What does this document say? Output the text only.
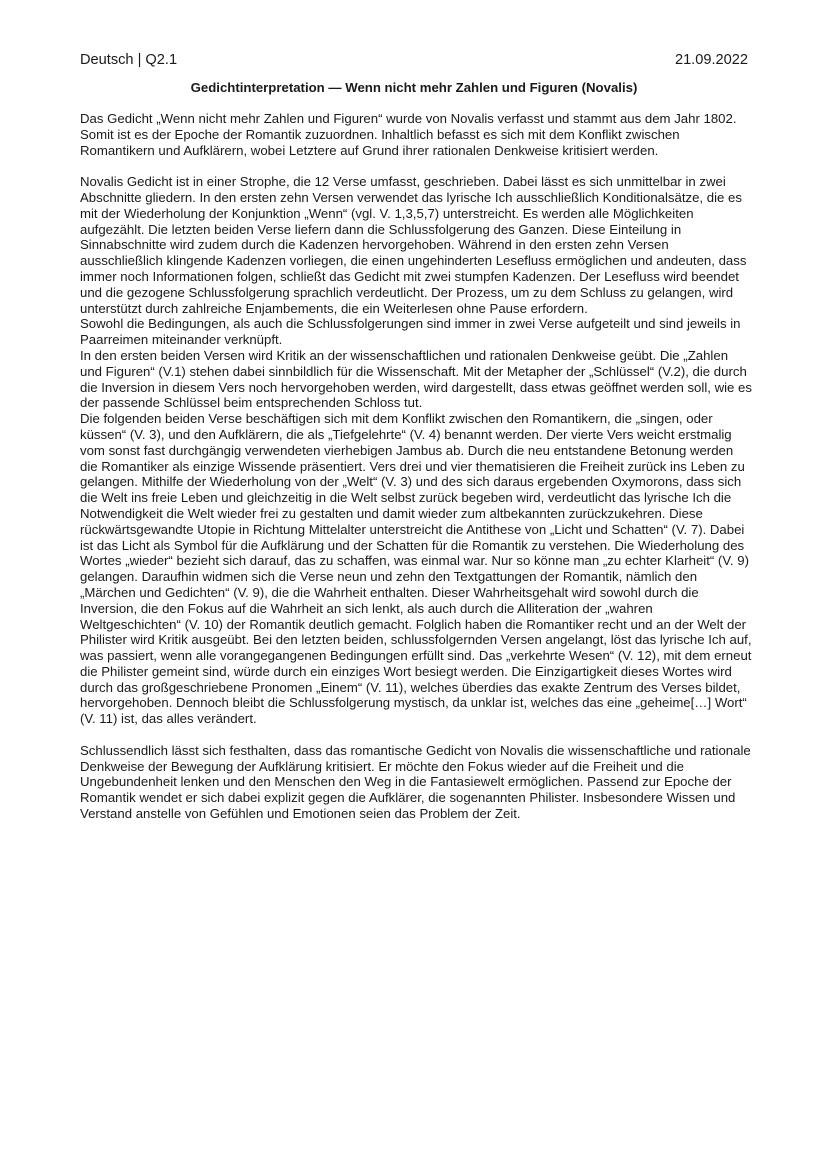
Deutsch | Q2.1	21.09.2022
Gedichtinterpretation — Wenn nicht mehr Zahlen und Figuren (Novalis)

Das Gedicht „Wenn nicht mehr Zahlen und Figuren“ wurde von Novalis verfasst und stammt aus dem Jahr 1802. Somit ist es der Epoche der Romantik zuzuordnen. Inhaltlich befasst es sich mit dem Konflikt zwischen Romantikern und Aufklärern, wobei Letztere auf Grund ihrer rationalen Denkweise kritisiert werden.

Novalis Gedicht ist in einer Strophe, die 12 Verse umfasst, geschrieben. Dabei lässt es sich unmittelbar in zwei Abschnitte gliedern. In den ersten zehn Versen verwendet das lyrische Ich ausschließlich Konditionalsätze, die es mit der Wiederholung der Konjunktion „Wenn“ (vgl. V. 1,3,5,7) unterstreicht. Es werden alle Möglichkeiten aufgezählt. Die letzten beiden Verse liefern dann die Schlussfolgerung des Ganzen. Diese Einteilung in Sinnabschnitte wird zudem durch die Kadenzen hervorgehoben. Während in den ersten zehn Versen ausschließlich klingende Kadenzen vorliegen, die einen ungehinderten Lesefluss ermöglichen und andeuten, dass immer noch Informationen folgen, schließt das Gedicht mit zwei stumpfen Kadenzen. Der Lesefluss wird beendet und die gezogene Schlussfolgerung sprachlich verdeutlicht. Der Prozess, um zu dem Schluss zu gelangen, wird unterstützt durch zahlreiche Enjambements, die ein Weiterlesen ohne Pause erfordern.

Sowohl die Bedingungen, als auch die Schlussfolgerungen sind immer in zwei Verse aufgeteilt und sind jeweils in Paarreimen miteinander verknüpft.

In den ersten beiden Versen wird Kritik an der wissenschaftlichen und rationalen Denkweise geübt. Die „Zahlen und Figuren“ (V.1) stehen dabei sinnbildlich für die Wissenschaft. Mit der Metapher der „Schlüssel“ (V.2), die durch die Inversion in diesem Vers noch hervorgehoben werden, wird dargestellt, dass etwas geöffnet werden soll, wie es der passende Schlüssel beim entsprechenden Schloss tut.

Die folgenden beiden Verse beschäftigen sich mit dem Konflikt zwischen den Romantikern, die „singen, oder küssen“ (V. 3), und den Aufklärern, die als „Tiefgelehrte“ (V. 4) benannt werden. Der vierte Vers weicht erstmalig vom sonst fast durchgängig verwendeten vierhebigen Jambus ab. Durch die neu entstandene Betonung werden die Romantiker als einzige Wissende präsentiert. Vers drei und vier thematisieren die Freiheit zurück ins Leben zu gelangen. Mithilfe der Wiederholung von der „Welt“ (V. 3) und des sich daraus ergebenden Oxymorons, dass sich die Welt ins freie Leben und gleichzeitig in die Welt selbst zurück begeben wird, verdeutlicht das lyrische Ich die Notwendigkeit die Welt wieder frei zu gestalten und damit wieder zum altbekannten zurückzukehren. Diese rückwärtsgewandte Utopie in Richtung Mittelalter unterstreicht die Antithese von „Licht und Schatten“ (V. 7). Dabei ist das Licht als Symbol für die Aufklärung und der Schatten für die Romantik zu verstehen. Die Wiederholung des Wortes „wieder“ bezieht sich darauf, das zu schaffen, was einmal war. Nur so könne man „zu echter Klarheit“ (V. 9) gelangen. Daraufhin widmen sich die Verse neun und zehn den Textgattungen der Romantik, nämlich den „Märchen und Gedichten“ (V. 9), die die Wahrheit enthalten. Dieser Wahrheitsgehalt wird sowohl durch die Inversion, die den Fokus auf die Wahrheit an sich lenkt, als auch durch die Alliteration der „wahren Weltgeschichten“ (V. 10) der Romantik deutlich gemacht. Folglich haben die Romantiker recht und an der Welt der Philister wird Kritik ausgeübt. Bei den letzten beiden, schlussfolgernden Versen angelangt, löst das lyrische Ich auf, was passiert, wenn alle vorangegangenen Bedingungen erfüllt sind. Das „verkehrte Wesen“ (V. 12), mit dem erneut die Philister gemeint sind, würde durch ein einziges Wort besiegt werden. Die Einzigartigkeit dieses Wortes wird durch das großgeschriebene Pronomen „Einem“ (V. 11), welches überdies das exakte Zentrum des Verses bildet, hervorgehoben. Dennoch bleibt die Schlussfolgerung mystisch, da unklar ist, welches das eine „geheime[…] Wort“ (V. 11) ist, das alles verändert.

Schlussendlich lässt sich festhalten, dass das romantische Gedicht von Novalis die wissenschaftliche und rationale Denkweise der Bewegung der Aufklärung kritisiert. Er möchte den Fokus wieder auf die Freiheit und die Ungebundenheit lenken und den Menschen den Weg in die Fantasiewelt ermöglichen. Passend zur Epoche der Romantik wendet er sich dabei explizit gegen die Aufklärer, die sogenannten Philister. Insbesondere Wissen und Verstand anstelle von Gefühlen und Emotionen seien das Problem der Zeit.
